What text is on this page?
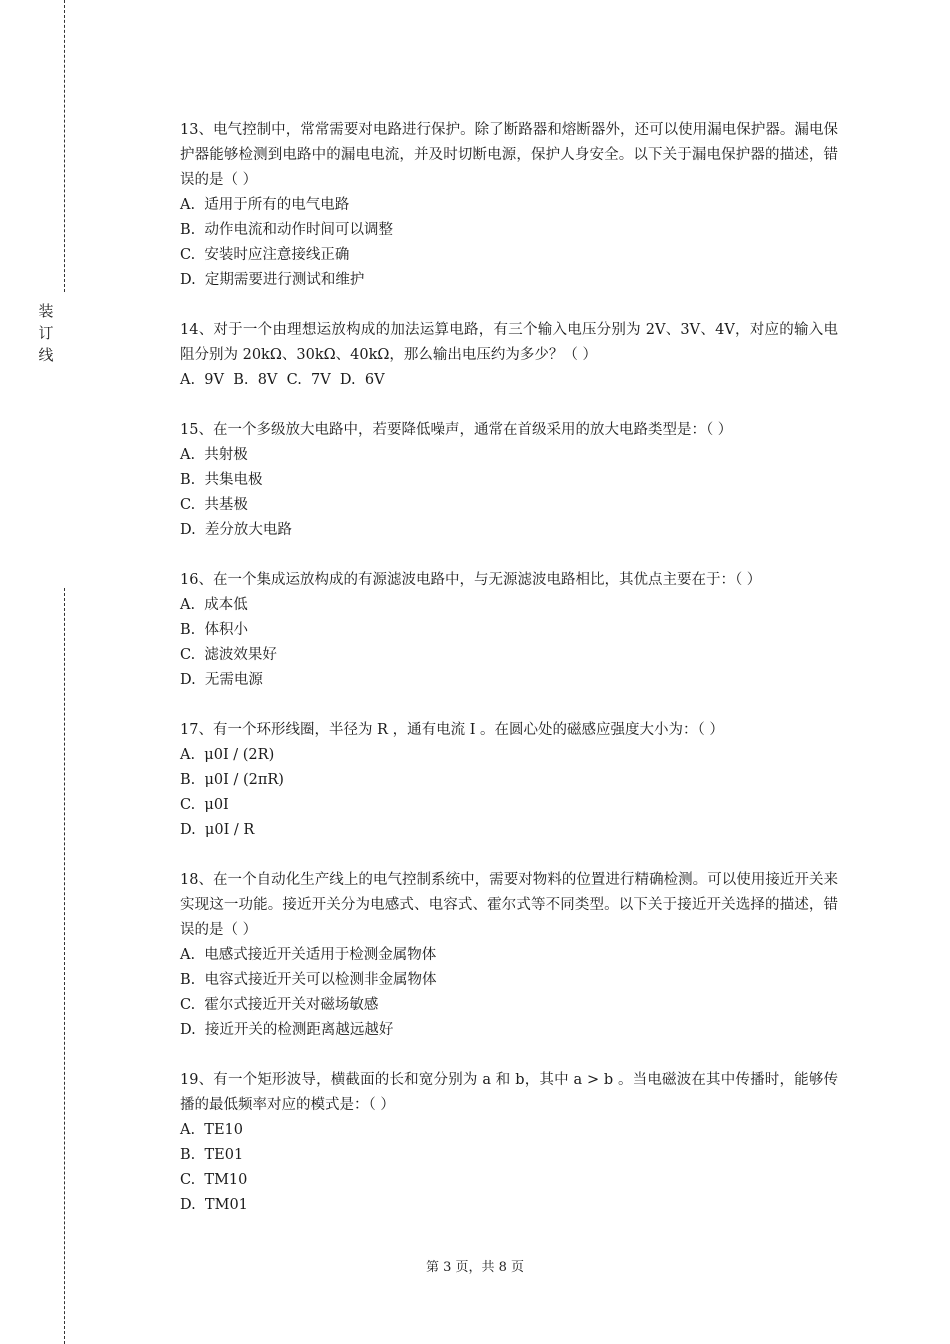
装
订
线
13、电气控制中，常常需要对电路进行保护。除了断路器和熔断器外，还可以使用漏电保护器。漏电保护器能够检测到电路中的漏电电流，并及时切断电源，保护人身安全。以下关于漏电保护器的描述，错误的是（ ）
A.  适用于所有的电气电路
B.  动作电流和动作时间可以调整
C.  安装时应注意接线正确
D.  定期需要进行测试和维护
14、对于一个由理想运放构成的加法运算电路，有三个输入电压分别为 2V、3V、4V，对应的输入电阻分别为 20kΩ、30kΩ、40kΩ，那么输出电压约为多少？（ ）
A.  9V  B.  8V  C.  7V  D.  6V
15、在一个多级放大电路中，若要降低噪声，通常在首级采用的放大电路类型是：（ ）
A.  共射极
B.  共集电极
C.  共基极
D.  差分放大电路
16、在一个集成运放构成的有源滤波电路中，与无源滤波电路相比，其优点主要在于：（ ）
A.  成本低
B.  体积小
C.  滤波效果好
D.  无需电源
17、有一个环形线圈，半径为 R ，通有电流 I 。在圆心处的磁感应强度大小为：（ ）
A.  μ0I / (2R)
B.  μ0I / (2πR)
C.  μ0I
D.  μ0I / R
18、在一个自动化生产线上的电气控制系统中，需要对物料的位置进行精确检测。可以使用接近开关来实现这一功能。接近开关分为电感式、电容式、霍尔式等不同类型。以下关于接近开关选择的描述，错误的是（ ）
A.  电感式接近开关适用于检测金属物体
B.  电容式接近开关可以检测非金属物体
C.  霍尔式接近开关对磁场敏感
D.  接近开关的检测距离越远越好
19、有一个矩形波导，横截面的长和宽分别为 a 和 b，其中 a > b 。当电磁波在其中传播时，能够传播的最低频率对应的模式是：（ ）
A.  TE10
B.  TE01
C.  TM10
D.  TM01
第 3 页，共 8 页
